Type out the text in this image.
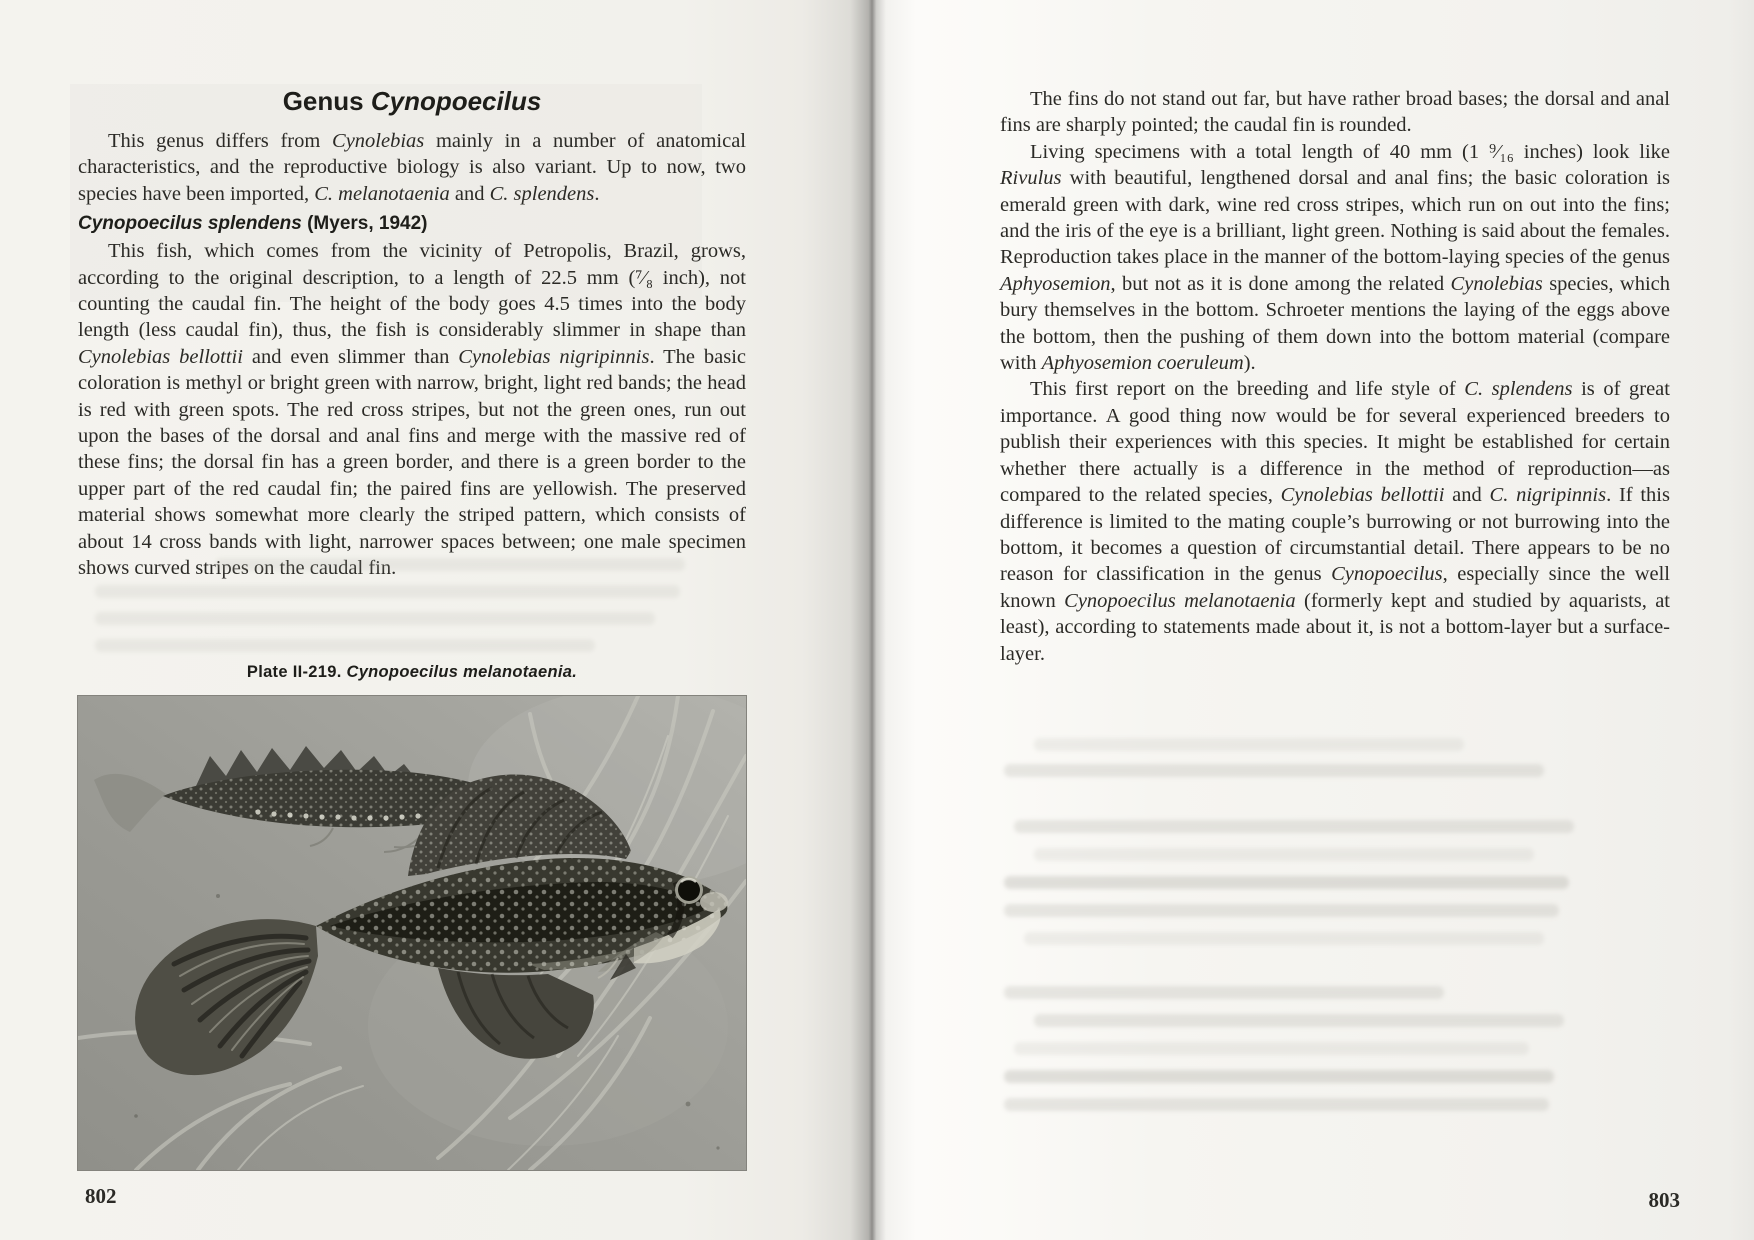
Genus Cynopoecilus

This genus differs from Cynolebias mainly in a number of anatomical characteristics, and the reproductive biology is also variant. Up to now, two species have been imported, C. melanotaenia and C. splendens.

Cynopoecilus splendens (Myers, 1942)

This fish, which comes from the vicinity of Petropolis, Brazil, grows, according to the original description, to a length of 22.5 mm (⁷⁄₈ inch), not counting the caudal fin. The height of the body goes 4.5 times into the body length (less caudal fin), thus, the fish is considerably slimmer in shape than Cynolebias bellottii and even slimmer than Cynolebias nigripinnis. The basic coloration is methyl or bright green with narrow, bright, light red bands; the head is red with green spots. The red cross stripes, but not the green ones, run out upon the bases of the dorsal and anal fins and merge with the massive red of these fins; the dorsal fin has a green border, and there is a green border to the upper part of the red caudal fin; the paired fins are yellowish. The preserved material shows somewhat more clearly the striped pattern, which consists of about 14 cross bands with light, narrower spaces between; one male specimen shows curved stripes on the caudal fin.

Plate II-219. Cynopoecilus melanotaenia.
802

The fins do not stand out far, but have rather broad bases; the dorsal and anal fins are sharply pointed; the caudal fin is rounded.

Living specimens with a total length of 40 mm (1 ⁹⁄₁₆ inches) look like Rivulus with beautiful, lengthened dorsal and anal fins; the basic coloration is emerald green with dark, wine red cross stripes, which run on out into the fins; and the iris of the eye is a brilliant, light green. Nothing is said about the females. Reproduction takes place in the manner of the bottom-laying species of the genus Aphyosemion, but not as it is done among the related Cynolebias species, which bury themselves in the bottom. Schroeter mentions the laying of the eggs above the bottom, then the pushing of them down into the bottom material (compare with Aphyosemion coeruleum).

This first report on the breeding and life style of C. splendens is of great importance. A good thing now would be for several experienced breeders to publish their experiences with this species. It might be established for certain whether there actually is a difference in the method of reproduction—as compared to the related species, Cynolebias bellottii and C. nigripinnis. If this difference is limited to the mating couple’s burrowing or not burrowing into the bottom, it becomes a question of circumstantial detail. There appears to be no reason for classification in the genus Cynopoecilus, especially since the well known Cynopoecilus melanotaenia (formerly kept and studied by aquarists, at least), according to statements made about it, is not a bottom-layer but a surface-layer.

803
